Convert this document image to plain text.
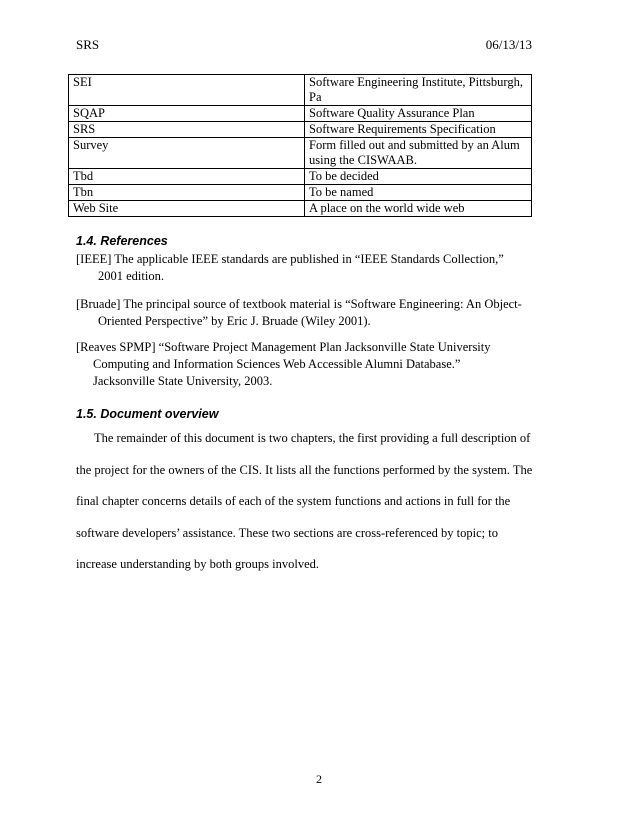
SRS	06/13/13
SEI	Software Engineering Institute, Pittsburgh, Pa
SQAP	Software Quality Assurance Plan
SRS	Software Requirements Specification
Survey	Form filled out and submitted by an Alum using the CISWAAB.
Tbd	To be decided
Tbn	To be named
Web Site	A place on the world wide web
1.4. References
[IEEE] The applicable IEEE standards are published in “IEEE Standards Collection,”
2001 edition.
[Bruade] The principal source of textbook material is “Software Engineering: An Object-
Oriented Perspective” by Eric J. Bruade (Wiley 2001).
[Reaves SPMP] “Software Project Management Plan Jacksonville State University
Computing and Information Sciences Web Accessible Alumni Database.”
Jacksonville State University, 2003.
1.5. Document overview
The remainder of this document is two chapters, the first providing a full description of the project for the owners of the CIS. It lists all the functions performed by the system. The final chapter concerns details of each of the system functions and actions in full for the software developers’ assistance. These two sections are cross-referenced by topic; to increase understanding by both groups involved.
2
